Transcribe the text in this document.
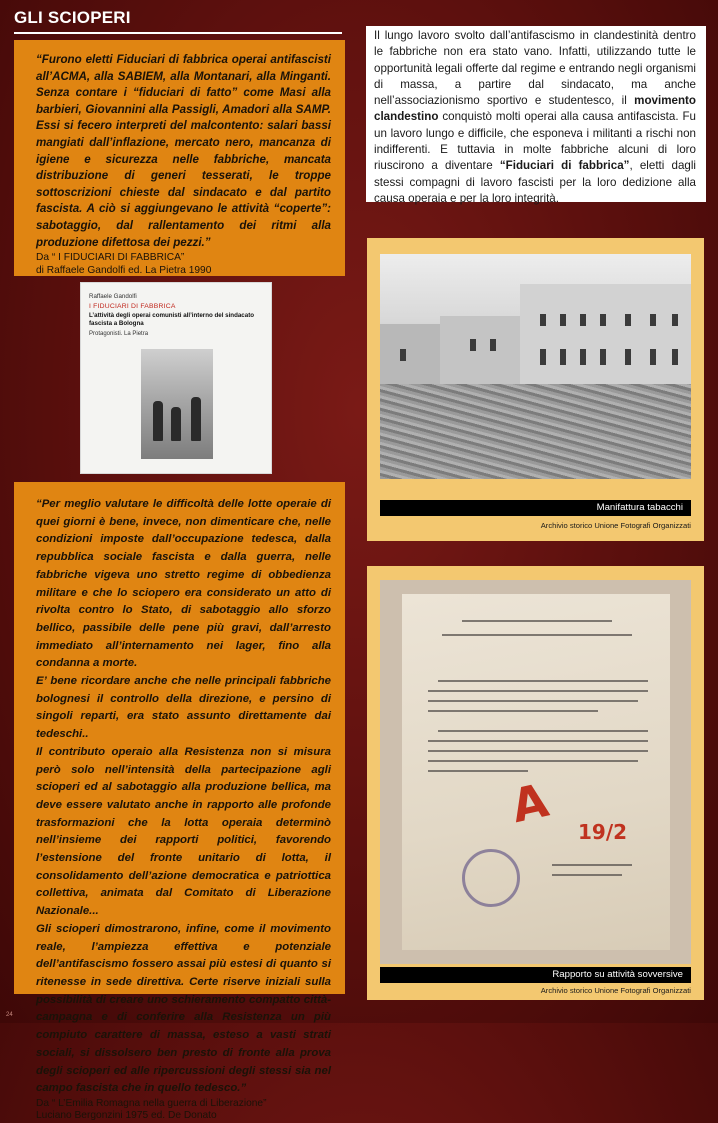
GLI SCIOPERI

“Furono eletti Fiduciari di fabbrica operai antifascisti all’ACMA, alla SABIEM, alla Montanari, alla Minganti. Senza contare i “fiduciari di fatto” come Masi alla barbieri, Giovannini alla Passigli, Amadori alla SAMP. Essi si fecero interpreti del malcontento: salari bassi mangiati dall’inflazione, mercato nero, mancanza di igiene e sicurezza nelle fabbriche, mancata distribuzione di generi tesserati, le troppe sottoscrizioni chieste dal sindacato e dal partito fascista. A ciò si aggiungevano le attività “coperte”: sabotaggio, dal rallentamento dei ritmi alla produzione difettosa dei pezzi.”

Da “ I FIDUCIARI DI FABBRICA”

di Raffaele Gandolfi ed. La Pietra 1990

Il lungo lavoro svolto dall’antifascismo in clandestinità dentro le fabbriche non era stato vano. Infatti, utilizzando tutte le opportunità legali offerte dal regime e entrando negli organismi di massa, a partire dal sindacato, ma anche nell’associazionismo sportivo e studentesco, il movimento clandestino conquistò molti operai alla causa antifascista. Fu un lavoro lungo e difficile, che esponeva i militanti a rischi non indifferenti. E tuttavia in molte fabbriche alcuni di loro riuscirono a diventare “Fiduciari di fabbrica”, eletti dagli stessi compagni di lavoro fascisti per la loro dedizione alla causa operaia e per la loro integrità.

Raffaele Gandolfi
I FIDUCIARI DI FABBRICA
L’attività degli operai comunisti all’interno del sindacato fascista a Bologna
Protagonisti. La Pietra
Manifattura tabacchi
Archivio storico Unione Fotografi Organizzati
A 19/2
Rapporto su attività sovversive
Archivio storico Unione Fotografi Organizzati

“Per meglio valutare le difficoltà delle lotte operaie di quei giorni è bene, invece, non dimenticare che, nelle condizioni imposte dall’occupazione tedesca, dalla repubblica sociale fascista e dalla guerra, nelle fabbriche vigeva uno stretto regime di obbedienza militare e che lo sciopero era considerato un atto di rivolta contro lo Stato, di sabotaggio allo sforzo bellico, passibile delle pene più gravi, dall’arresto immediato all’internamento nei lager, fino alla condanna a morte.

E’ bene ricordare anche che nelle principali fabbriche bolognesi il controllo della direzione, e persino di singoli reparti, era stato assunto direttamente dai tedeschi..

Il contributo operaio alla Resistenza non si misura però solo nell’intensità della partecipazione agli scioperi ed al sabotaggio alla produzione bellica, ma deve essere valutato anche in rapporto alle profonde trasformazioni che la lotta operaia determinò nell’insieme dei rapporti politici, favorendo l’estensione del fronte unitario di lotta, il consolidamento dell’azione democratica e patriottica collettiva, animata dal Comitato di Liberazione Nazionale...

Gli scioperi dimostrarono, infine, come il movimento reale, l’ampiezza effettiva e potenziale dell’antifascismo fossero assai più estesi di quanto si ritenesse in sede direttiva. Certe riserve iniziali sulla possibilità di creare uno schieramento compatto città-campagna e di conferire alla Resistenza un più compiuto carattere di massa, esteso a vasti strati sociali, si dissolsero ben presto di fronte alla prova degli scioperi ed alle ripercussioni degli stessi sia nel campo fascista che in quello tedesco.”

Da “ L’Emilia Romagna nella guerra di Liberazione”

Luciano Bergonzini 1975 ed. De Donato

24
